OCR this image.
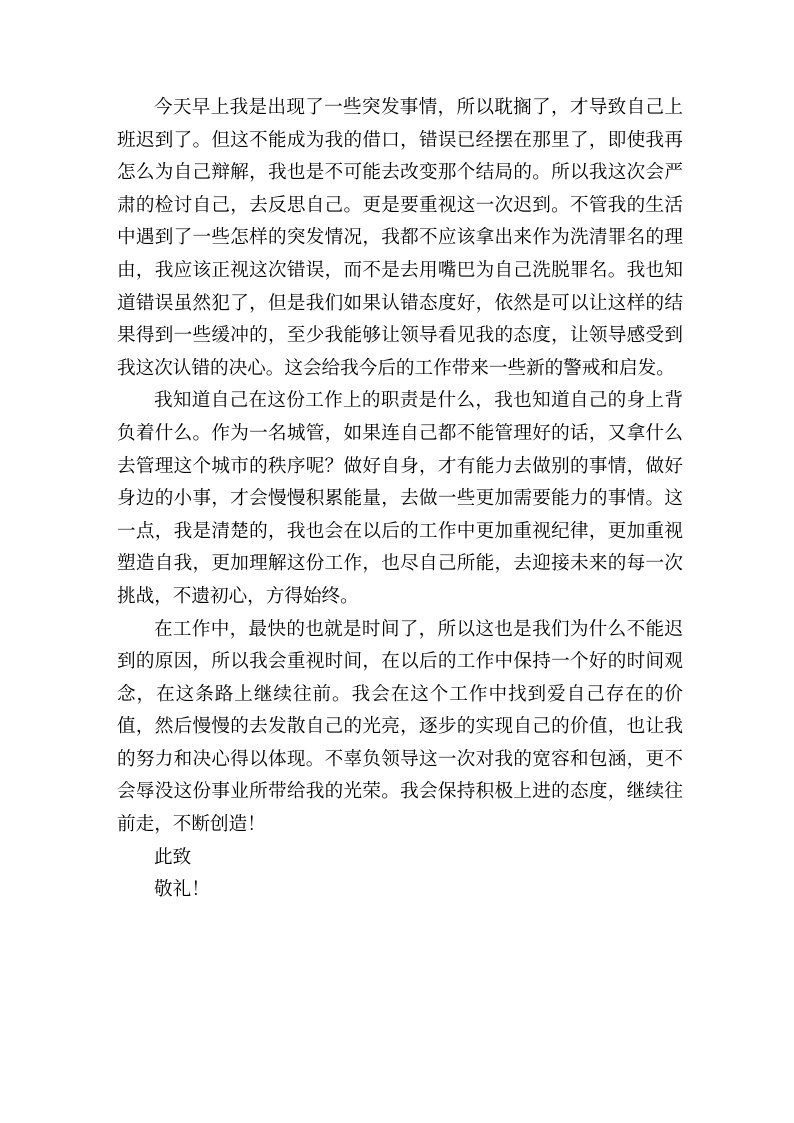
今天早上我是出现了一些突发事情，所以耽搁了，才导致自己上班迟到了。但这不能成为我的借口，错误已经摆在那里了，即使我再怎么为自己辩解，我也是不可能去改变那个结局的。所以我这次会严肃的检讨自己，去反思自己。更是要重视这一次迟到。不管我的生活中遇到了一些怎样的突发情况，我都不应该拿出来作为洗清罪名的理由，我应该正视这次错误，而不是去用嘴巴为自己洗脱罪名。我也知道错误虽然犯了，但是我们如果认错态度好，依然是可以让这样的结果得到一些缓冲的，至少我能够让领导看见我的态度，让领导感受到我这次认错的决心。这会给我今后的工作带来一些新的警戒和启发。

我知道自己在这份工作上的职责是什么，我也知道自己的身上背负着什么。作为一名城管，如果连自己都不能管理好的话，又拿什么去管理这个城市的秩序呢？做好自身，才有能力去做别的事情，做好身边的小事，才会慢慢积累能量，去做一些更加需要能力的事情。这一点，我是清楚的，我也会在以后的工作中更加重视纪律，更加重视塑造自我，更加理解这份工作，也尽自己所能，去迎接未来的每一次挑战，不遗初心，方得始终。

在工作中，最快的也就是时间了，所以这也是我们为什么不能迟到的原因，所以我会重视时间，在以后的工作中保持一个好的时间观念，在这条路上继续往前。我会在这个工作中找到爱自己存在的价值，然后慢慢的去发散自己的光亮，逐步的实现自己的价值，也让我的努力和决心得以体现。不辜负领导这一次对我的宽容和包涵，更不会辱没这份事业所带给我的光荣。我会保持积极上进的态度，继续往前走，不断创造！

此致

敬礼！
